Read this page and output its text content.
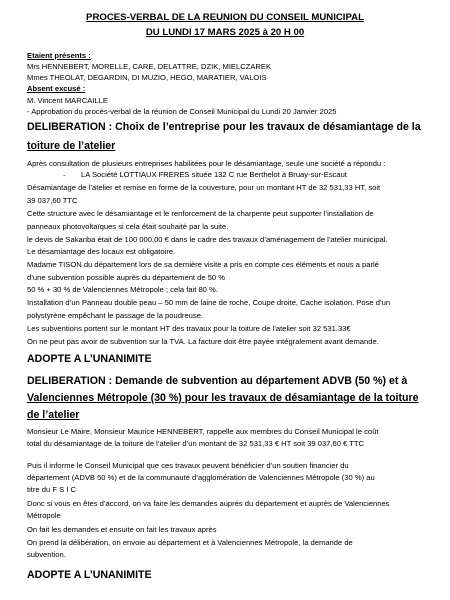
PROCES-VERBAL DE LA REUNION DU CONSEIL MUNICIPAL
DU LUNDI 17 MARS 2025 à 20 H 00
Etaient présents :
Mrs HENNEBERT, MORELLE, CARE, DELATTRE, DZIK, MIELCZAREK
Mmes THEOLAT, DEGARDIN, DI MUZIO, HEGO, MARATIER, VALOIS
Absent excusé :
M. Vincent MARCAILLE
- Approbation du procès-verbal de la réunion de Conseil Municipal du Lundi 20 Janvier 2025
DELIBERATION : Choix de l’entreprise pour les travaux de désamiantage de la
toiture de l’atelier
Après consultation de plusieurs entreprises habilitées pour le désamiantage, seule une société a répondu :
- LA Société LOTTIAUX FRERES située 132 C rue Berthelot à Bruay-sur-Escaut
Désamiantage de l’atelier et remise en forme de la couverture, pour un montant HT de 32 531,33 HT, soit
39 037,60 TTC
Cette structure avec le désamiantage et le renforcement de la charpente peut supporter l’installation de
panneaux photovoltaïques si cela était souhaité par la suite.
le devis de Sakariba était de 100 000,00 € dans le cadre des travaux d’aménagement de l’atelier municipal.
Le désamiantage des locaux est obligatoire.
Madame TISON du département lors de sa dernière visite a pris en compte ces éléments et nous a parlé
d’une subvention possible auprès du département de 50 %
50 % + 30 % de Valenciennes Métropole ; cela fait 80 %.
Installation d’un Panneau double peau – 50 mm de laine de roche, Coupe droite, Cache isolation. Pose d’un
polystyrène empêchant le passage de la poudreuse.
Les subventions portent sur le montant HT des travaux pour la toiture de l’atelier soit 32 531.33€
On ne peut pas avoir de subvention sur la TVA. La facture doit être payée intégralement avant demande.
ADOPTE A L’UNANIMITE
DELIBERATION : Demande de subvention au département ADVB (50 %) et à
Valenciennes Métropole (30 %) pour les travaux de désamiantage de la toiture
de l’atelier
Monsieur Le Maire, Monsieur Maurice HENNEBERT, rappelle aux membres du Conseil Municipal le coût
total du désamiantage de la toiture de l’atelier d’un montant de 32 531,33 € HT soit 39 037,60 € TTC
Puis il informe le Conseil Municipal que ces travaux peuvent bénéficier d’un soutien financier du
département (ADVB 50 %) et de la communauté d’agglomération de Valenciennes Métropole (30 %) au
titre du F S I C
Donc si vous en êtes d’accord, on va faire les demandes auprès du département et auprès de Valenciennes
Métropole
On fait les demandes et ensuite on fait les travaux après
On prend la délibération, on envoie au département et à Valenciennes Métropole, la demande de
subvention.
ADOPTE A L’UNANIMITE
